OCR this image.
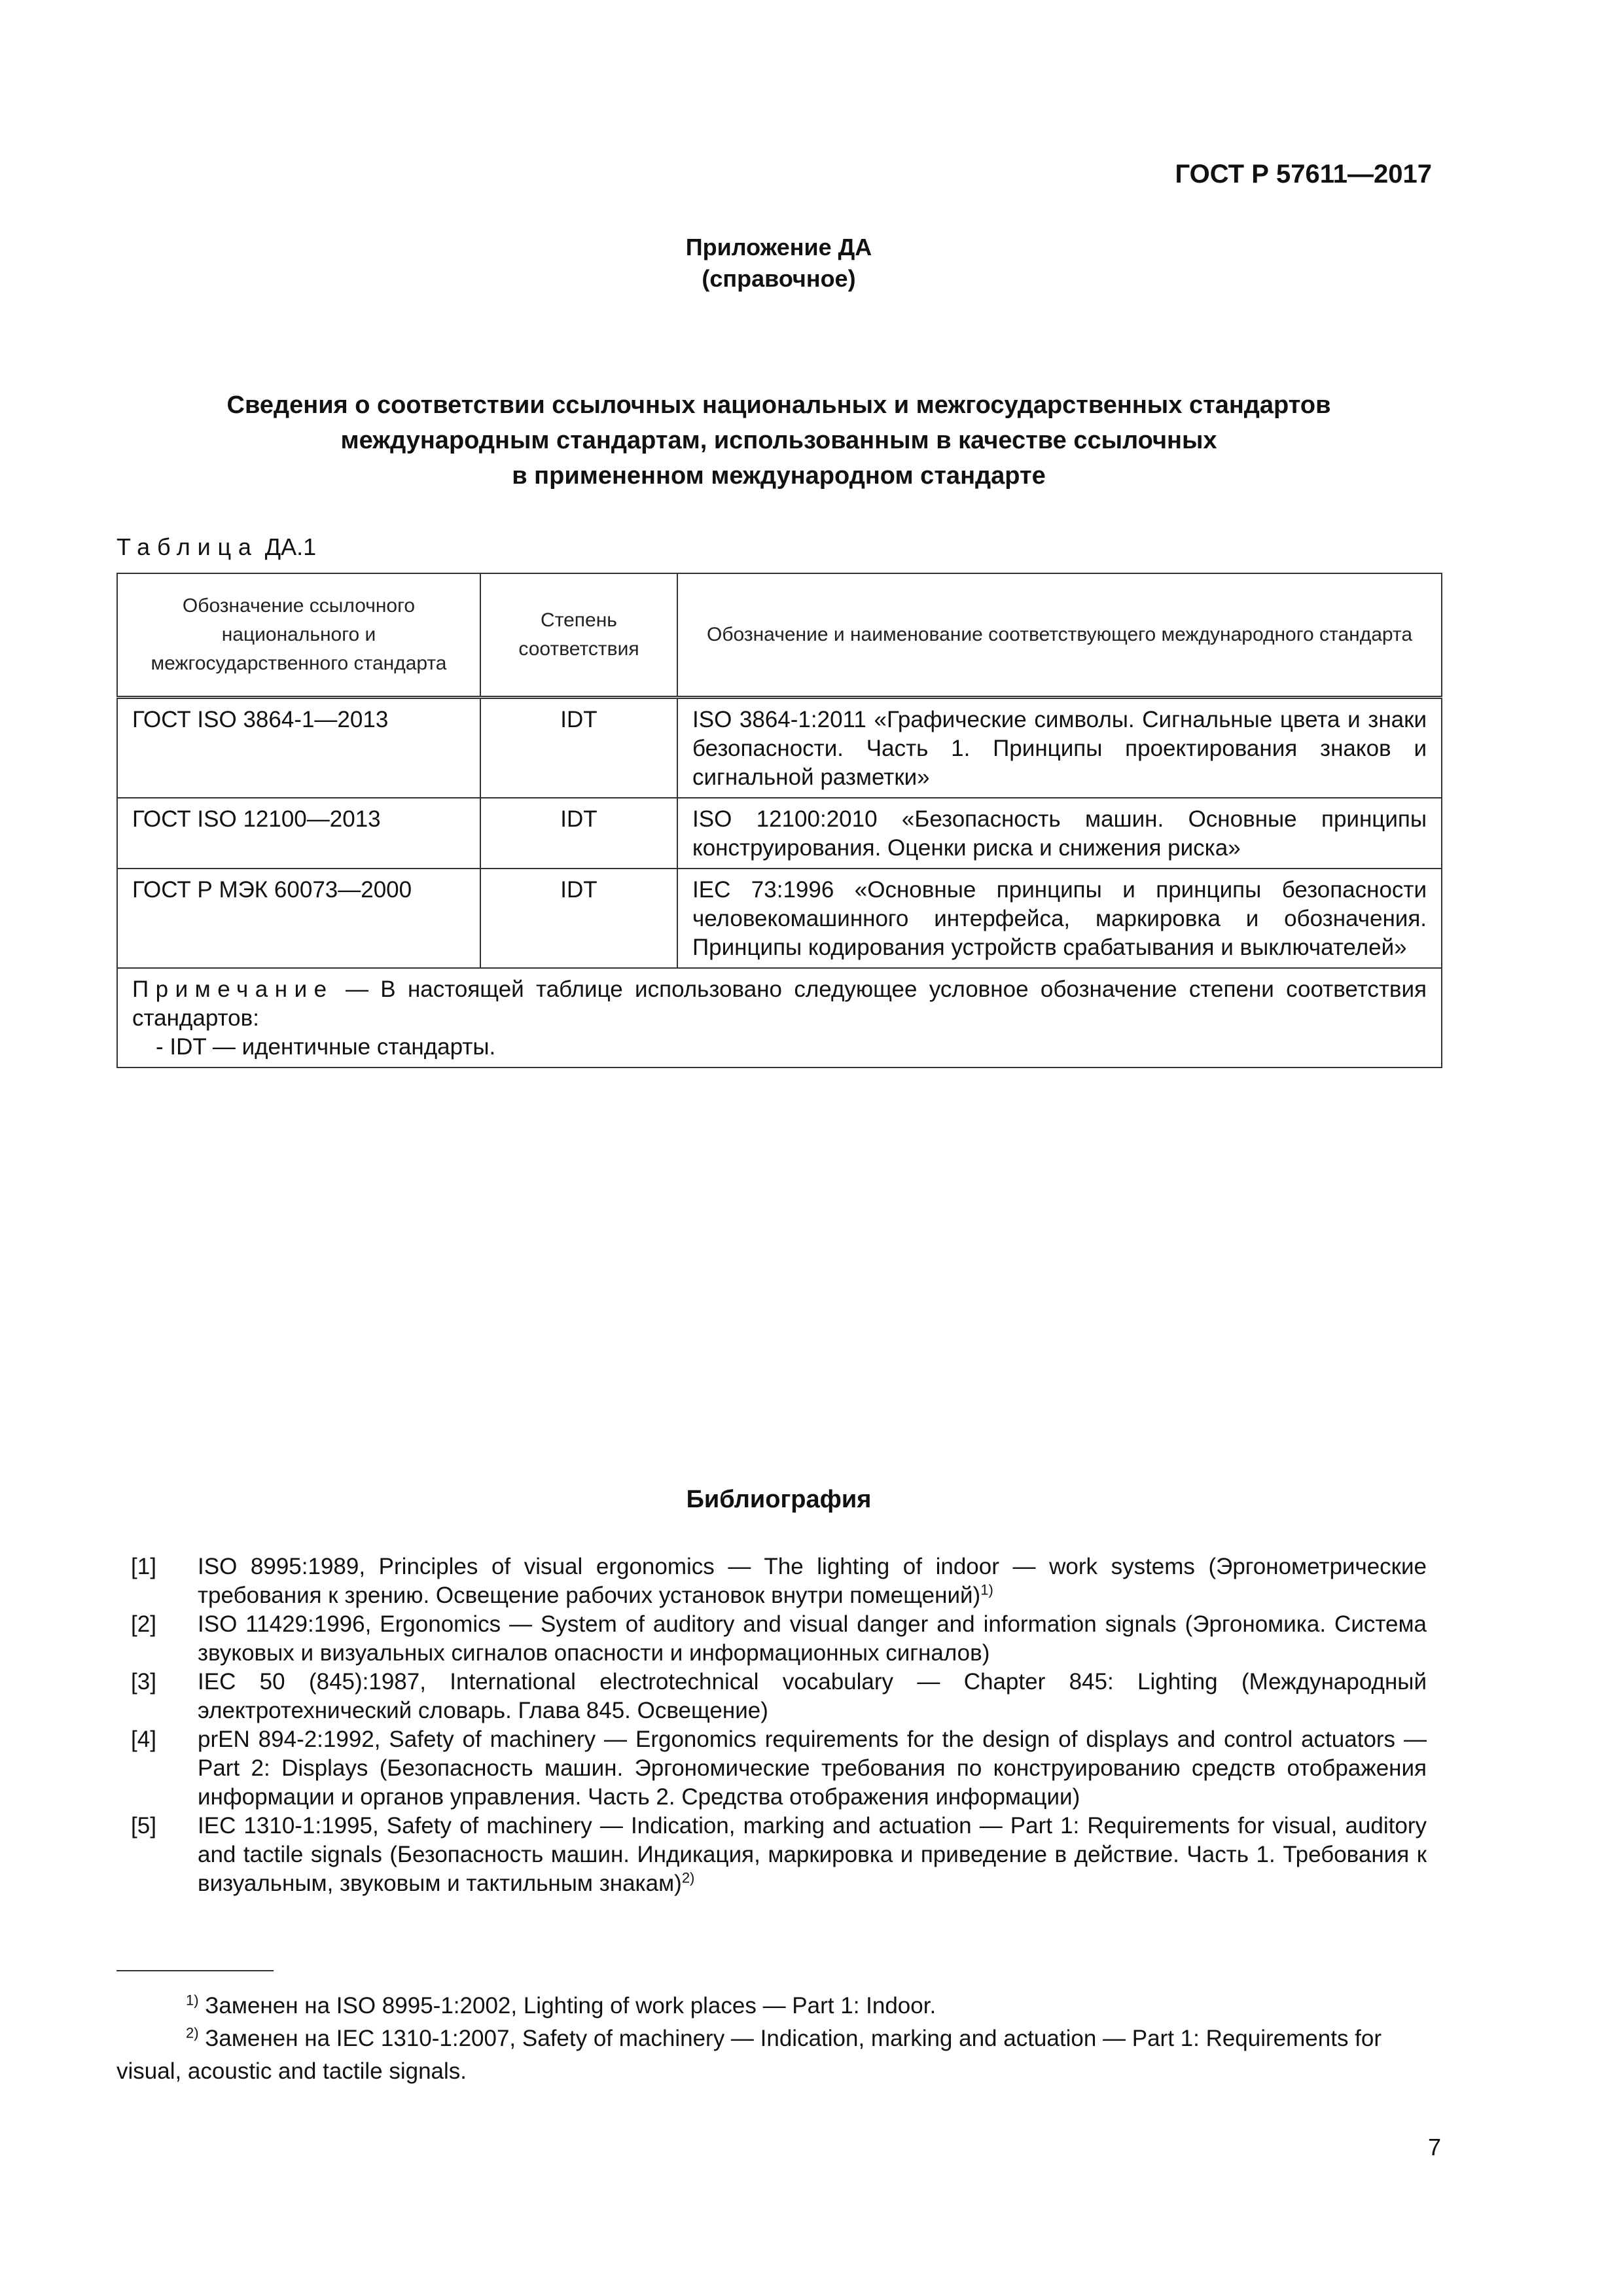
ГОСТ Р 57611—2017
Приложение ДА
(справочное)
Сведения о соответствии ссылочных национальных и межгосударственных стандартов
международным стандартам, использованным в качестве ссылочных
в примененном международном стандарте
Таблица ДА.1
Обозначение ссылочного национального и межгосударственного стандарта	Степень соответствия	Обозначение и наименование соответствующего международного стандарта
ГОСТ ISO 3864-1—2013	IDT	ISO 3864-1:2011 «Графические символы. Сигнальные цвета и знаки безопасности. Часть 1. Принципы проектирования знаков и сигнальной разметки»
ГОСТ ISO 12100—2013	IDT	ISO 12100:2010 «Безопасность машин. Основные принципы конструирования. Оценки риска и снижения риска»
ГОСТ Р МЭК 60073—2000	IDT	IEC 73:1996 «Основные принципы и принципы безопасности человекомашинного интерфейса, маркировка и обозначения. Принципы кодирования устройств срабатывания и выключателей»
Примечание — В настоящей таблице использовано следующее условное обозначение степени соответствия стандартов:
- IDT — идентичные стандарты.		
Библиография
[1]	ISO 8995:1989, Principles of visual ergonomics — The lighting of indoor — work systems (Эргонометрические требования к зрению. Освещение рабочих установок внутри помещений)$^{1)}$
[2]	ISO 11429:1996, Ergonomics — System of auditory and visual danger and information signals (Эргономика. Система звуковых и визуальных сигналов опасности и информационных сигналов)
[3]	IEC 50 (845):1987, International electrotechnical vocabulary — Chapter 845: Lighting (Международный электротехнический словарь. Глава 845. Освещение)
[4]	prEN 894-2:1992, Safety of machinery — Ergonomics requirements for the design of displays and control actuators — Part 2: Displays (Безопасность машин. Эргономические требования по конструированию средств отображения информации и органов управления. Часть 2. Средства отображения информации)
[5]	IEC 1310-1:1995, Safety of machinery — Indication, marking and actuation — Part 1: Requirements for visual, auditory and tactile signals (Безопасность машин. Индикация, маркировка и приведение в действие. Часть 1. Требования к визуальным, звуковым и тактильным знакам)$^{2)}$
$^{1)}$ Заменен на ISO 8995-1:2002, Lighting of work places — Part 1: Indoor.
$^{2)}$ Заменен на IEC 1310-1:2007, Safety of machinery — Indication, marking and actuation — Part 1: Requirements for visual, acoustic and tactile signals.
7
